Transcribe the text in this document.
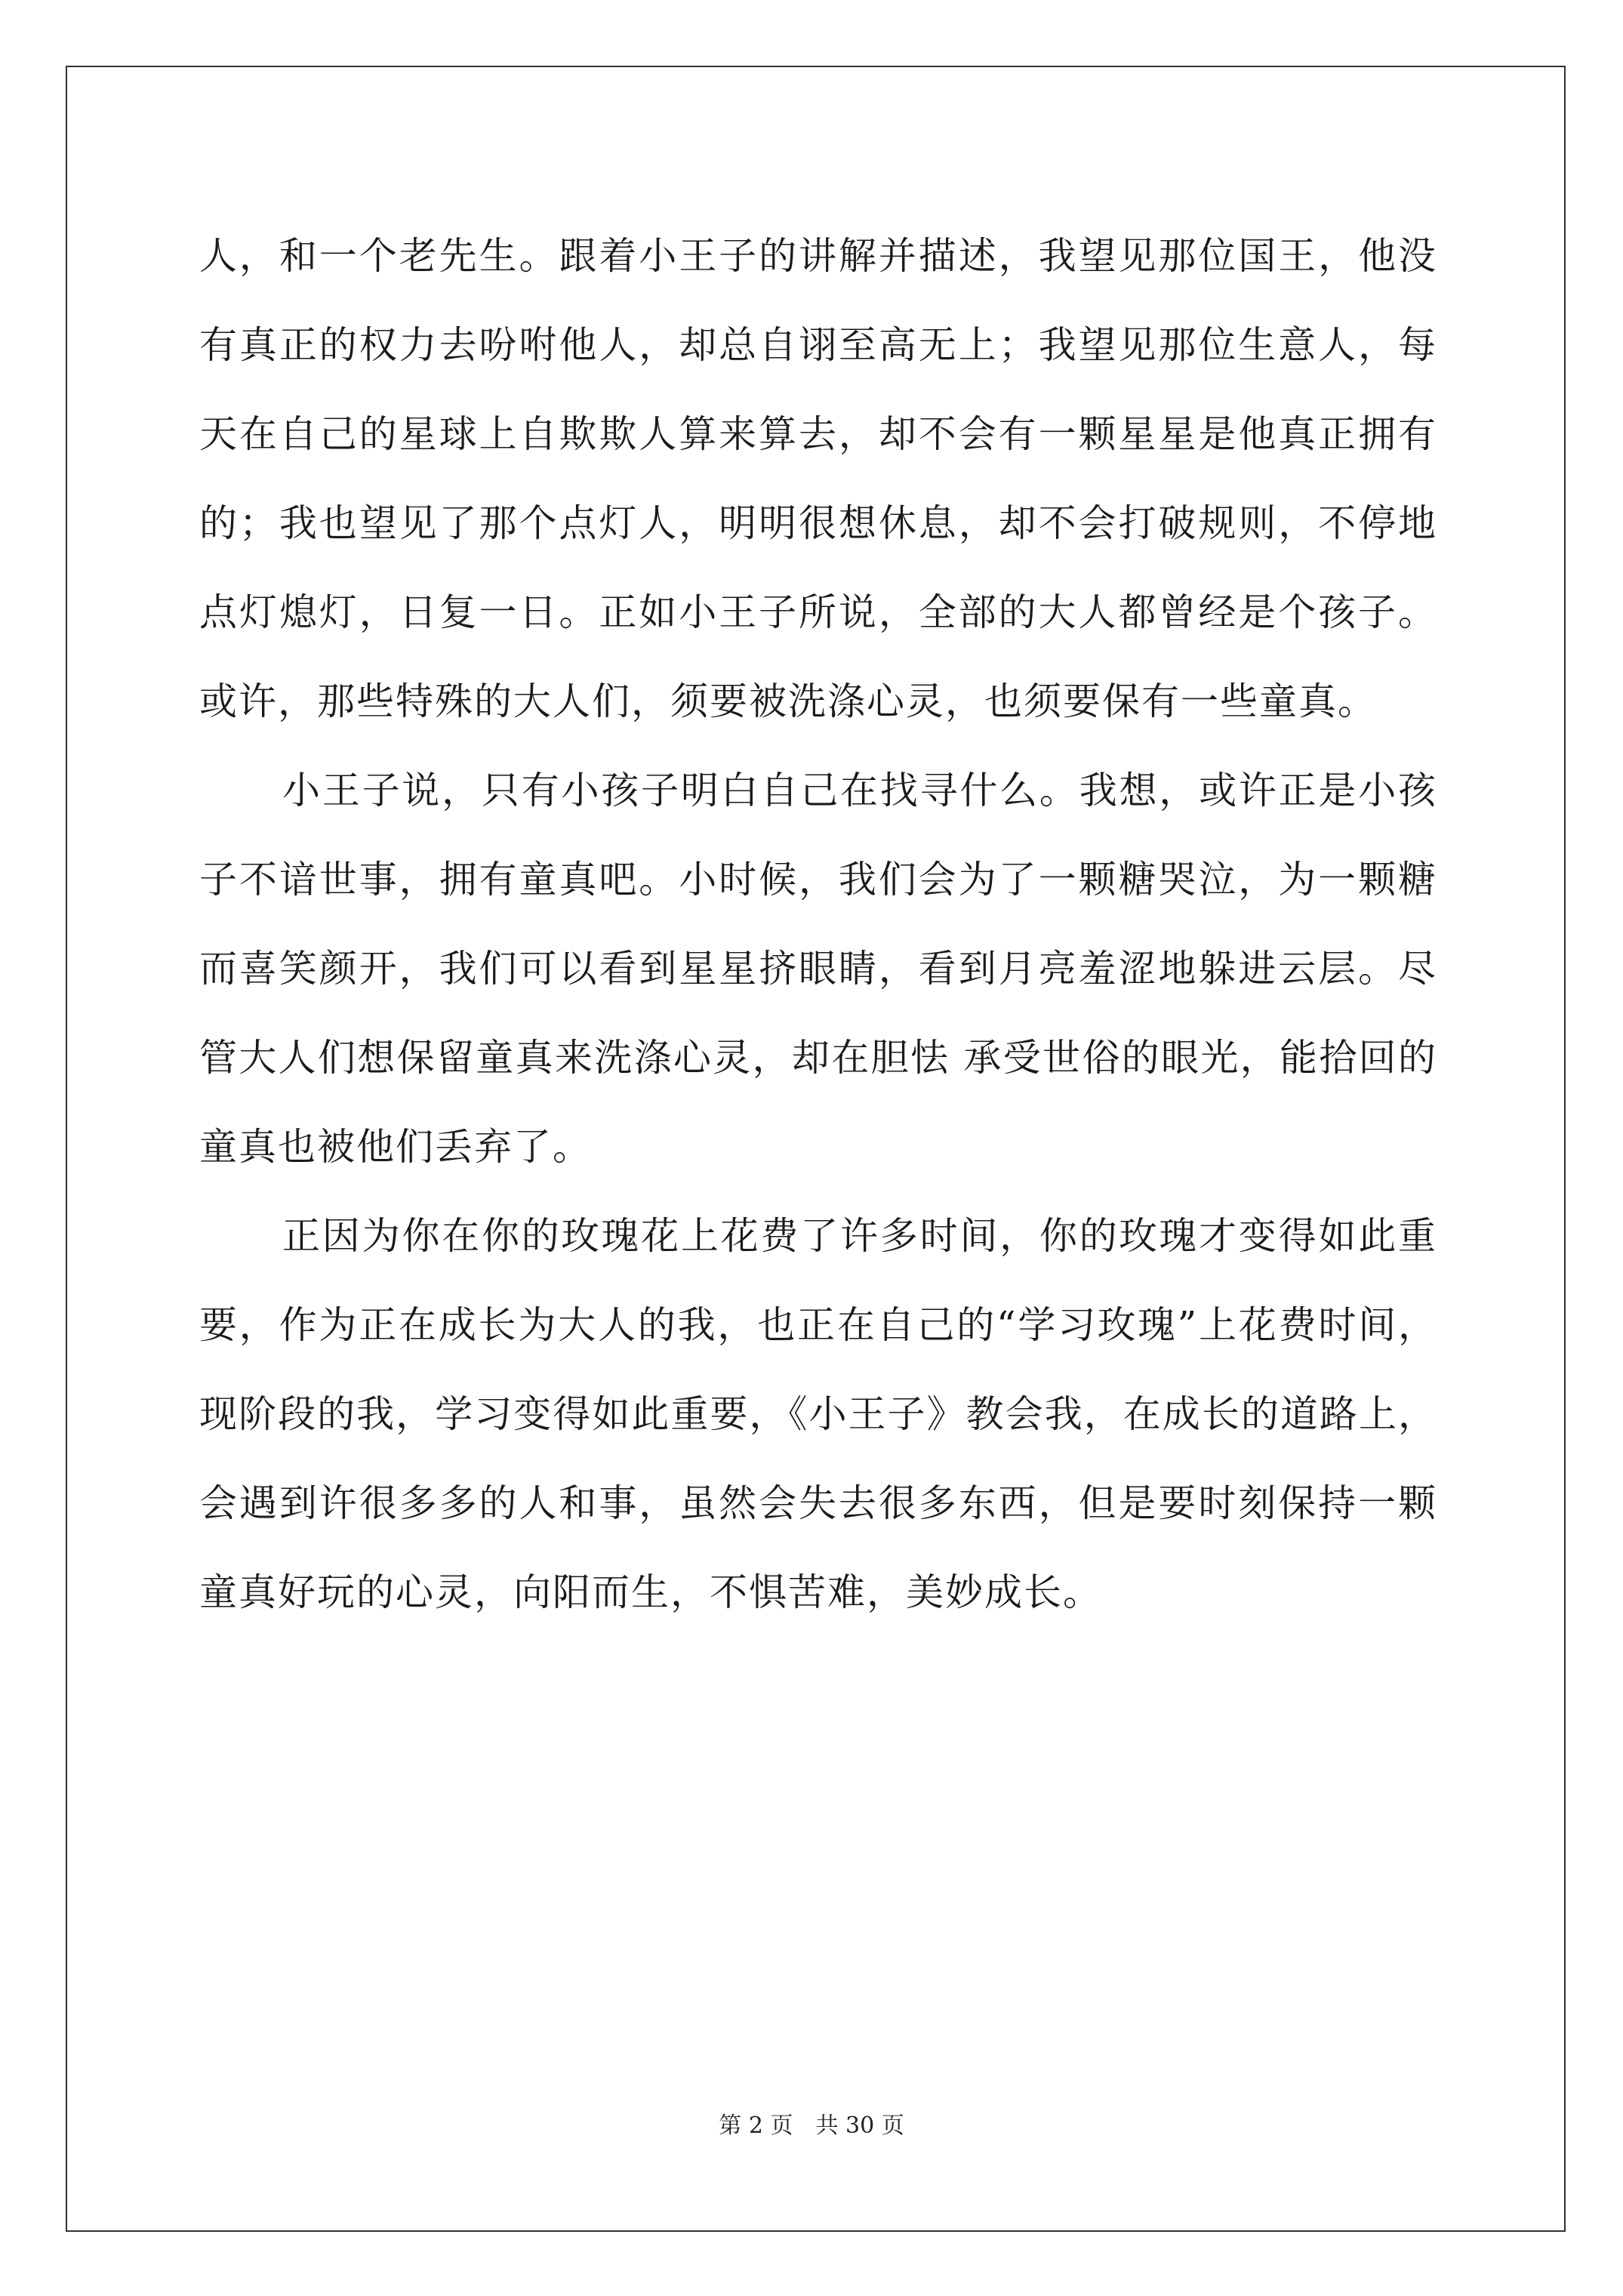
人，和一个老先生。跟着小王子的讲解并描述，我望见那位国王，他没有真正的权力去吩咐他人，却总自诩至高无上；我望见那位生意人，每天在自己的星球上自欺欺人算来算去，却不会有一颗星星是他真正拥有的；我也望见了那个点灯人，明明很想休息，却不会打破规则，不停地点灯熄灯，日复一日。正如小王子所说，全部的大人都曾经是个孩子。或许，那些特殊的大人们，须要被洗涤心灵，也须要保有一些童真。

小王子说，只有小孩子明白自己在找寻什么。我想，或许正是小孩子不谙世事，拥有童真吧。小时候，我们会为了一颗糖哭泣，为一颗糖而喜笑颜开，我们可以看到星星挤眼睛，看到月亮羞涩地躲进云层。尽管大人们想保留童真来洗涤心灵，却在胆怯 承受世俗的眼光，能拾回的童真也被他们丢弃了。

正因为你在你的玫瑰花上花费了许多时间，你的玫瑰才变得如此重要，作为正在成长为大人的我，也正在自己的“学习玫瑰”上花费时间，现阶段的我，学习变得如此重要，《小王子》教会我，在成长的道路上，会遇到许很多多的人和事，虽然会失去很多东西，但是要时刻保持一颗童真好玩的心灵，向阳而生，不惧苦难，美妙成长。

第 2 页　共 30 页
